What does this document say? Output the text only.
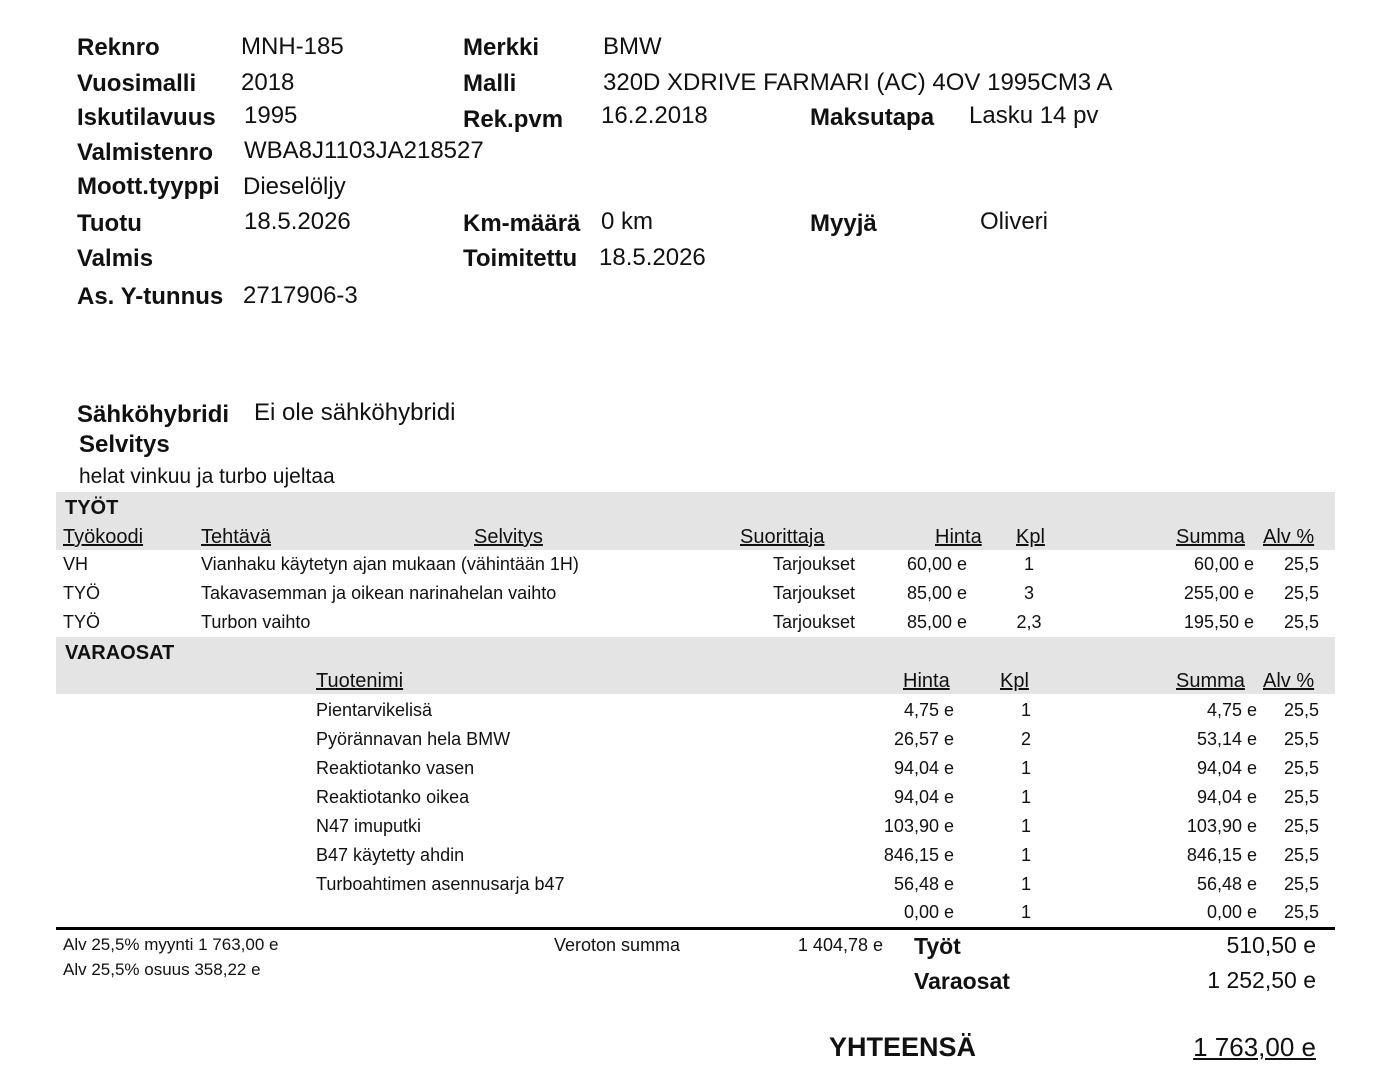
Reknro	MNH-185	Merkki	BMW
Vuosimalli 2018	Malli	320D XDRIVE FARMARI (AC) 4OV 1995CM3 A
Iskutilavuus 1995	Rek.pvm 16.2.2018	Maksutapa Lasku 14 pv
Valmistenro WBA8J1103JA218527
Moott.tyyppi Dieselöljy
Tuotu	18.5.2026	Km-määrä 0 km	Myyjä	Oliveri
Valmis	Toimitettu 18.5.2026
As. Y-tunnus 2717906-3
Sähköhybridi Ei ole sähköhybridi
Selvitys
helat vinkuu ja turbo ujeltaa
TYÖT
Työkoodi	Tehtävä	Selvitys	Suorittaja	Hinta Kpl	Summa Alv %
VH	Vianhaku käytetyn ajan mukaan (vähintään 1H)	Tarjoukset	60,00 e	1	60,00 e 25,5
TYÖ	Takavasemman ja oikean narinahelan vaihto	Tarjoukset	85,00 e	3	255,00 e 25,5
TYÖ	Turbon vaihto	Tarjoukset	85,00 e	2,3	195,50 e 25,5
VARAOSAT
Tuotenimi	Hinta	Kpl	Summa Alv %
Pientarvikelisä	4,75 e	1	4,75 e 25,5
Pyörännavan hela BMW	26,57 e	2	53,14 e 25,5
Reaktiotanko vasen	94,04 e	1	94,04 e 25,5
Reaktiotanko oikea	94,04 e	1	94,04 e 25,5
N47 imuputki	103,90 e	1	103,90 e 25,5
B47 käytetty ahdin	846,15 e	1	846,15 e 25,5
Turboahtimen asennusarja b47	56,48 e	1	56,48 e 25,5
0,00 e	1	0,00 e 25,5
Alv 25,5% myynti 1 763,00 e
Alv 25,5% osuus 358,22 e
Veroton summa	1 404,78 e Työt	510,50 e
Varaosat	1 252,50 e
YHTEENSÄ	1 763,00 e
